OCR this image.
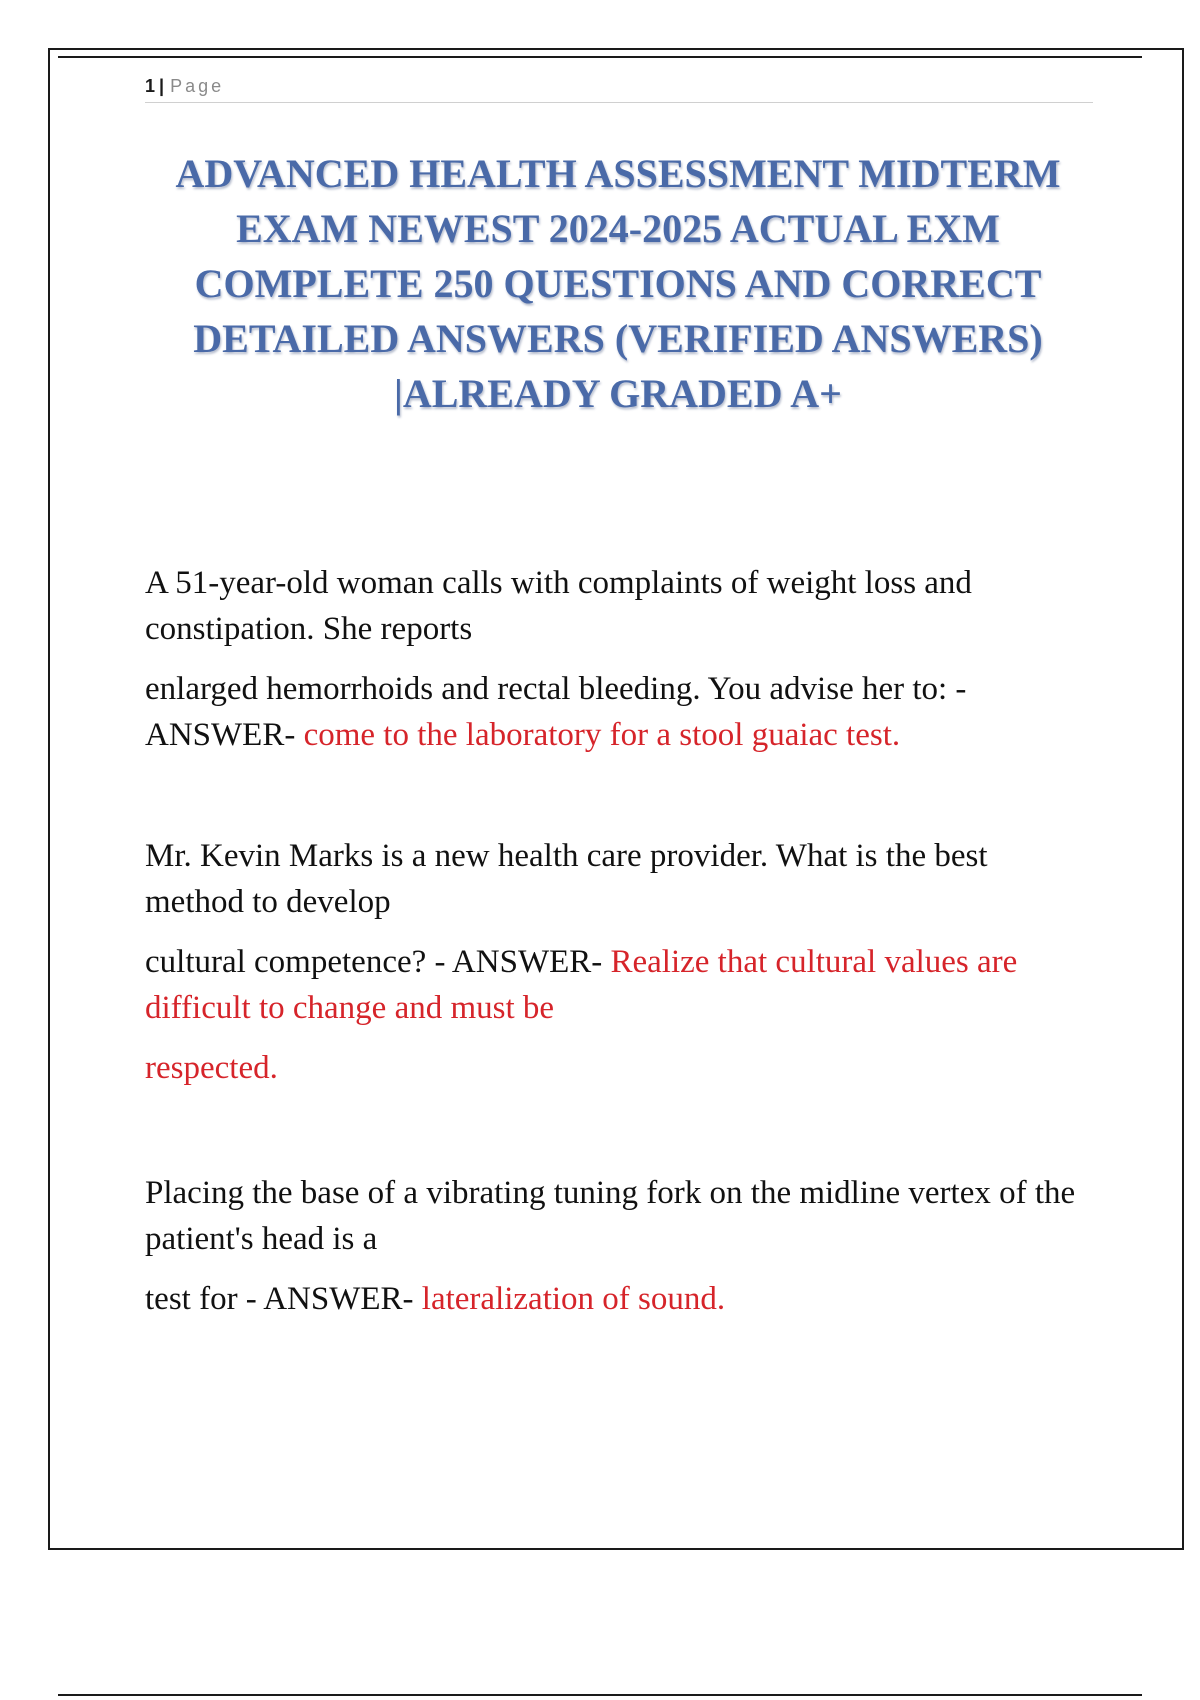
1 | Page
ADVANCED HEALTH ASSESSMENT MIDTERM EXAM NEWEST 2024-2025 ACTUAL EXM COMPLETE 250 QUESTIONS AND CORRECT DETAILED ANSWERS (VERIFIED ANSWERS) |ALREADY GRADED A+

A 51-year-old woman calls with complaints of weight loss and constipation. She reports

enlarged hemorrhoids and rectal bleeding. You advise her to: - ANSWER- come to the laboratory for a stool guaiac test.

Mr. Kevin Marks is a new health care provider. What is the best method to develop

cultural competence? - ANSWER- Realize that cultural values are difficult to change and must be

respected.

Placing the base of a vibrating tuning fork on the midline vertex of the patient's head is a

test for - ANSWER- lateralization of sound.
